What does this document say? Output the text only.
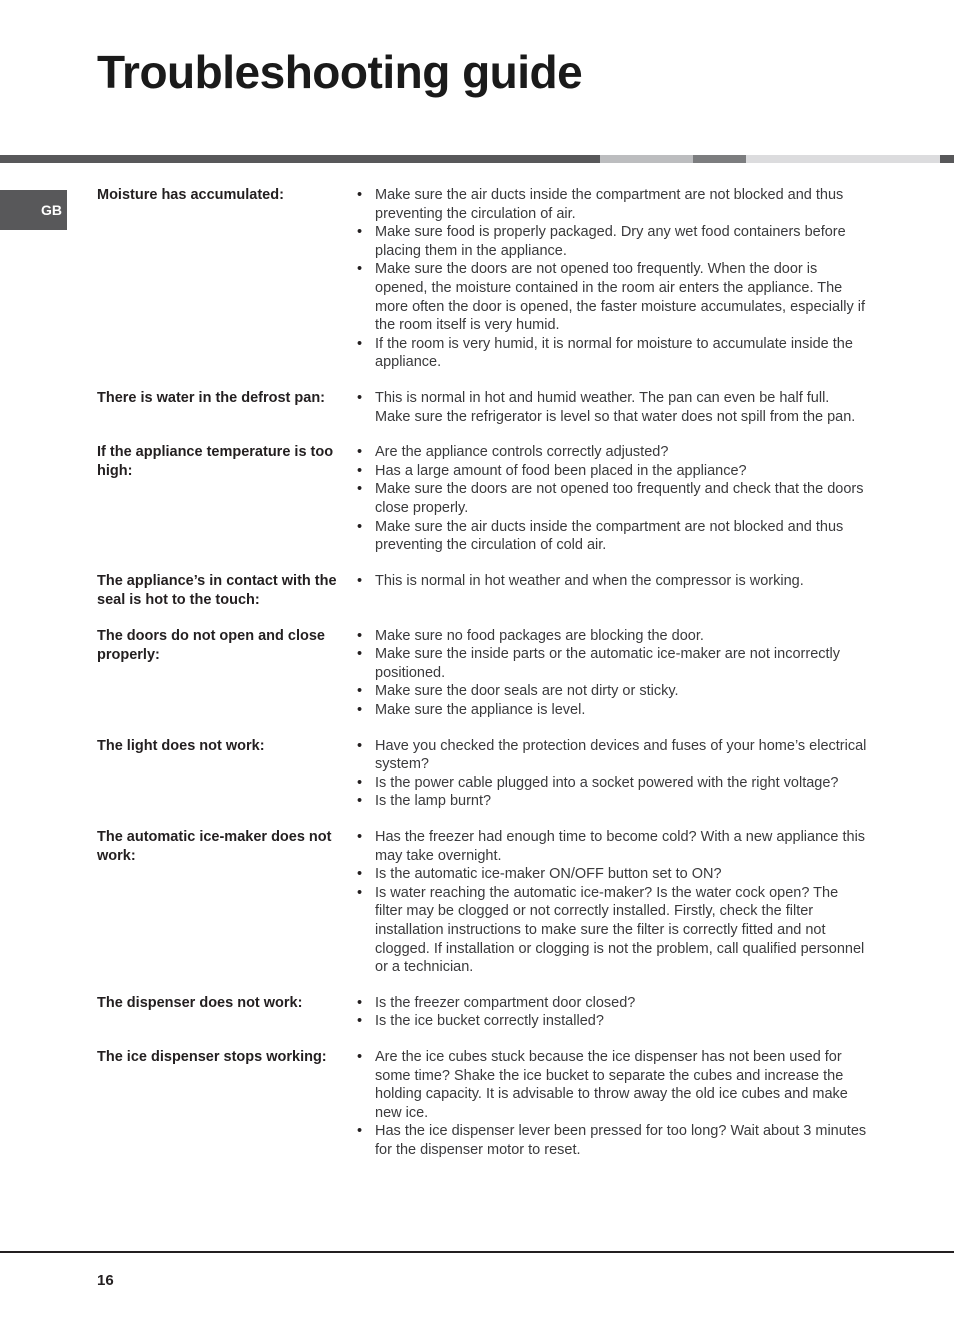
Troubleshooting guide
GB
Moisture has accumulated:	• Make sure the air ducts inside the compartment are not blocked and thus preventing the circulation of air.
• Make sure food is properly packaged. Dry any wet food containers before placing them in the appliance.
• Make sure the doors are not opened too frequently. When the door is opened, the moisture contained in the room air enters the appliance. The more often the door is opened, the faster moisture accumulates, especially if the room itself is very humid.
• If the room is very humid, it is normal for moisture to accumulate inside the appliance.
There is water in the defrost pan:	• This is normal in hot and humid weather. The pan can even be half full. Make sure the refrigerator is level so that water does not spill from the pan.
If the appliance temperature is too high:
• Are the appliance controls correctly adjusted?
• Has a large amount of food been placed in the appliance?
• Make sure the doors are not opened too frequently and check that the doors close properly.
• Make sure the air ducts inside the compartment are not blocked and thus preventing the circulation of cold air.
The appliance’s in contact with the seal is hot to the touch:
• This is normal in hot weather and when the compressor is working.
The doors do not open and close properly:
• Make sure no food packages are blocking the door.
• Make sure the inside parts or the automatic ice-maker are not incorrectly positioned.
• Make sure the door seals are not dirty or sticky.
• Make sure the appliance is level.
The light does not work:	• Have you checked the protection devices and fuses of your home’s electrical system?
• Is the power cable plugged into a socket powered with the right voltage?
• Is the lamp burnt?
The automatic ice-maker does not work:
• Has the freezer had enough time to become cold? With a new appliance this may take overnight.
• Is the automatic ice-maker ON/OFF button set to ON?
• Is water reaching the automatic ice-maker? Is the water cock open? The filter may be clogged or not correctly installed. Firstly, check the filter installation instructions to make sure the filter is correctly fitted and not clogged. If installation or clogging is not the problem, call qualified personnel or a technician.
The dispenser does not work:	• Is the freezer compartment door closed?
• Is the ice bucket correctly installed?
The ice dispenser stops working:	• Are the ice cubes stuck because the ice dispenser has not been used for some time? Shake the ice bucket to separate the cubes and increase the holding capacity. It is advisable to throw away the old ice cubes and make new ice.
• Has the ice dispenser lever been pressed for too long? Wait about 3 minutes for the dispenser motor to reset.
16
